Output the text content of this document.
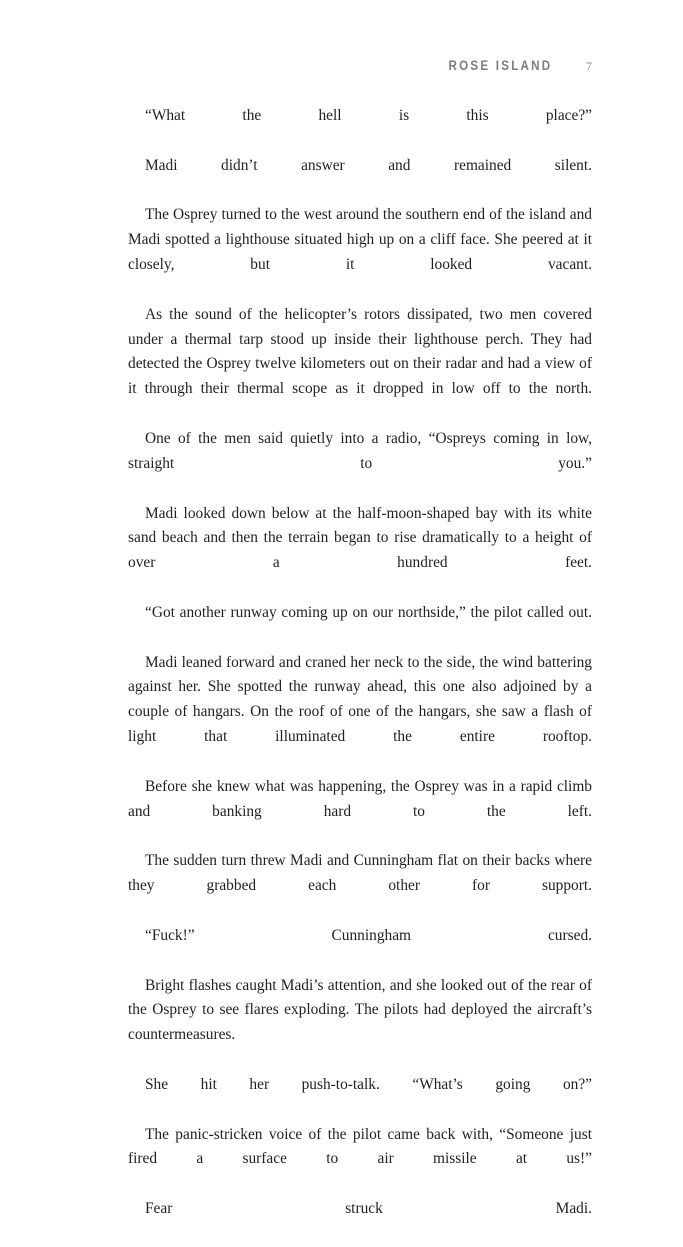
ROSE ISLAND	7

“What the hell is this place?”

Madi didn’t answer and remained silent.

The Osprey turned to the west around the southern end of the island and Madi spotted a lighthouse situated high up on a cliff face. She peered at it closely, but it looked vacant.

As the sound of the helicopter’s rotors dissipated, two men covered under a thermal tarp stood up inside their lighthouse perch. They had detected the Osprey twelve kilometers out on their radar and had a view of it through their thermal scope as it dropped in low off to the north.

One of the men said quietly into a radio, “Ospreys coming in low, straight to you.”

Madi looked down below at the half-moon-shaped bay with its white sand beach and then the terrain began to rise dramatically to a height of over a hundred feet.

“Got another runway coming up on our northside,” the pilot called out.

Madi leaned forward and craned her neck to the side, the wind battering against her. She spotted the runway ahead, this one also adjoined by a couple of hangars. On the roof of one of the hangars, she saw a flash of light that illuminated the entire rooftop.

Before she knew what was happening, the Osprey was in a rapid climb and banking hard to the left.

The sudden turn threw Madi and Cunningham flat on their backs where they grabbed each other for support.

“Fuck!” Cunningham cursed.

Bright flashes caught Madi’s attention, and she looked out of the rear of the Osprey to see flares exploding. The pilots had deployed the aircraft’s countermeasures.

She hit her push-to-talk. “What’s going on?”

The panic-stricken voice of the pilot came back with, “Someone just fired a surface to air missile at us!”

Fear struck Madi.
